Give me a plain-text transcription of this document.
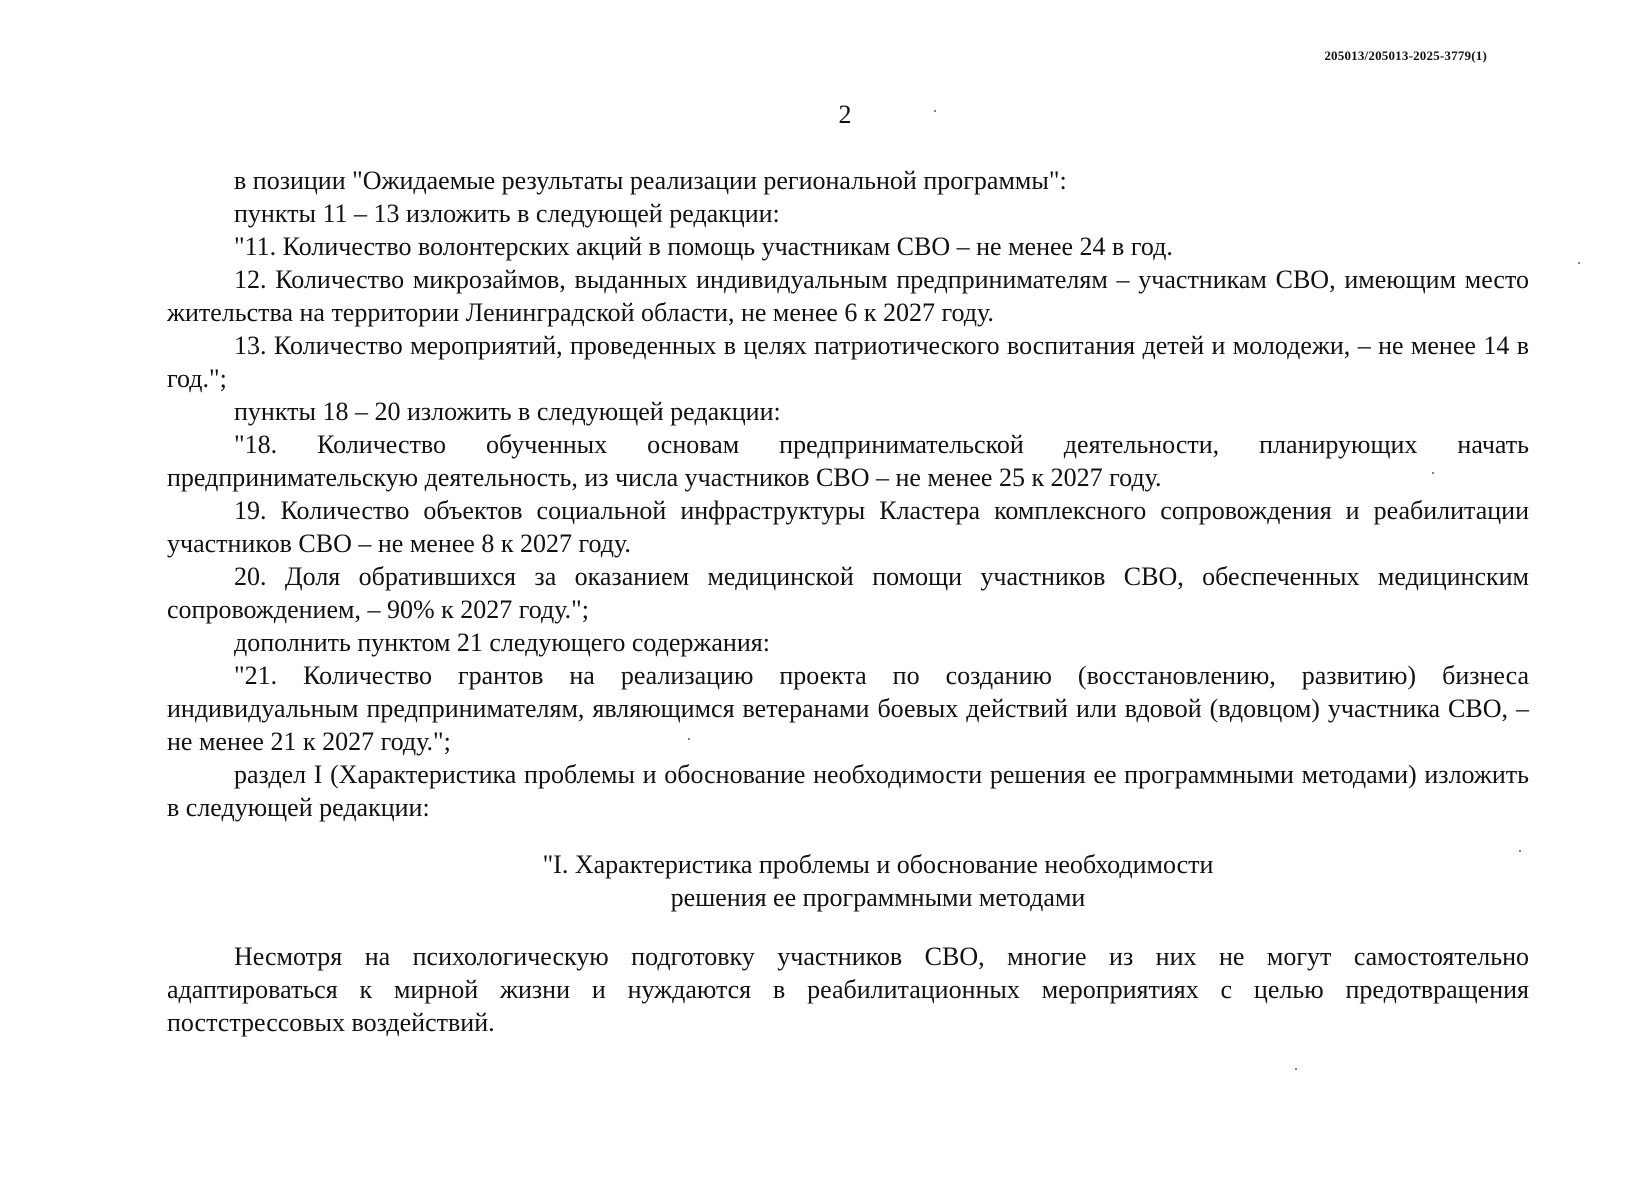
205013/205013-2025-3779(1)
2

в позиции "Ожидаемые результаты реализации региональной программы":

пункты 11 – 13 изложить в следующей редакции:

"11. Количество волонтерских акций в помощь участникам СВО – не менее 24 в год.

12. Количество микрозаймов, выданных индивидуальным предпринимателям – участникам СВО, имеющим место жительства на территории Ленинградской области, не менее 6 к 2027 году.

13. Количество мероприятий, проведенных в целях патриотического воспитания детей и молодежи, – не менее 14 в год.";

пункты 18 – 20 изложить в следующей редакции:

"18. Количество обученных основам предпринимательской деятельности, планирующих начать предпринимательскую деятельность, из числа участников СВО – не менее 25 к 2027 году.

19. Количество объектов социальной инфраструктуры Кластера комплексного сопровождения и реабилитации участников СВО – не менее 8 к 2027 году.

20. Доля обратившихся за оказанием медицинской помощи участников СВО, обеспеченных медицинским сопровождением, – 90% к 2027 году.";

дополнить пунктом 21 следующего содержания:

"21. Количество грантов на реализацию проекта по созданию (восстановлению, развитию) бизнеса индивидуальным предпринимателям, являющимся ветеранами боевых действий или вдовой (вдовцом) участника СВО, – не менее 21 к 2027 году.";

раздел I (Характеристика проблемы и обоснование необходимости решения ее программными методами) изложить в следующей редакции:

"I. Характеристика проблемы и обоснование необходимости
решения ее программными методами

Несмотря на психологическую подготовку участников СВО, многие из них не могут самостоятельно адаптироваться к мирной жизни и нуждаются в реабилитационных мероприятиях с целью предотвращения постстрессовых воздействий.
